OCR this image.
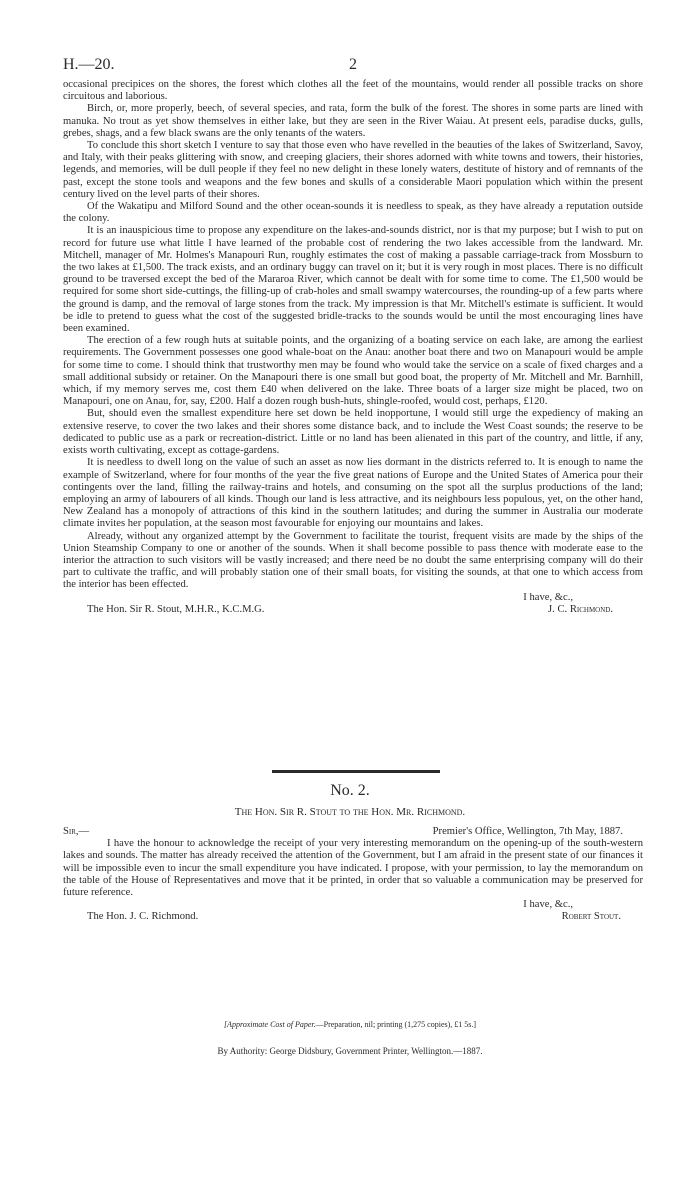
H.—20.	2

occasional precipices on the shores, the forest which clothes all the feet of the mountains, would render all possible tracks on shore circuitous and laborious.

Birch, or, more properly, beech, of several species, and rata, form the bulk of the forest. The shores in some parts are lined with manuka. No trout as yet show themselves in either lake, but they are seen in the River Waiau. At present eels, paradise ducks, gulls, grebes, shags, and a few black swans are the only tenants of the waters.

To conclude this short sketch I venture to say that those even who have revelled in the beauties of the lakes of Switzerland, Savoy, and Italy, with their peaks glittering with snow, and creeping glaciers, their shores adorned with white towns and towers, their histories, legends, and memories, will be dull people if they feel no new delight in these lonely waters, destitute of history and of remnants of the past, except the stone tools and weapons and the few bones and skulls of a considerable Maori population which within the present century lived on the level parts of their shores.

Of the Wakatipu and Milford Sound and the other ocean-sounds it is needless to speak, as they have already a reputation outside the colony.

It is an inauspicious time to propose any expenditure on the lakes-and-sounds district, nor is that my purpose; but I wish to put on record for future use what little I have learned of the probable cost of rendering the two lakes accessible from the landward. Mr. Mitchell, manager of Mr. Holmes's Manapouri Run, roughly estimates the cost of making a passable carriage-track from Mossburn to the two lakes at £1,500. The track exists, and an ordinary buggy can travel on it; but it is very rough in most places. There is no difficult ground to be traversed except the bed of the Mararoa River, which cannot be dealt with for some time to come. The £1,500 would be required for some short side-cuttings, the filling-up of crab-holes and small swampy watercourses, the rounding-up of a few parts where the ground is damp, and the removal of large stones from the track. My impression is that Mr. Mitchell's estimate is sufficient. It would be idle to pretend to guess what the cost of the suggested bridle-tracks to the sounds would be until the most encouraging lines have been examined.

The erection of a few rough huts at suitable points, and the organizing of a boating service on each lake, are among the earliest requirements. The Government possesses one good whale-boat on the Anau: another boat there and two on Manapouri would be ample for some time to come. I should think that trustworthy men may be found who would take the service on a scale of fixed charges and a small additional subsidy or retainer. On the Manapouri there is one small but good boat, the property of Mr. Mitchell and Mr. Barnhill, which, if my memory serves me, cost them £40 when delivered on the lake. Three boats of a larger size might be placed, two on Manapouri, one on Anau, for, say, £200. Half a dozen rough bush-huts, shingle-roofed, would cost, perhaps, £120.

But, should even the smallest expenditure here set down be held inopportune, I would still urge the expediency of making an extensive reserve, to cover the two lakes and their shores some distance back, and to include the West Coast sounds; the reserve to be dedicated to public use as a park or recreation-district. Little or no land has been alienated in this part of the country, and little, if any, exists worth cultivating, except as cottage-gardens.

It is needless to dwell long on the value of such an asset as now lies dormant in the districts referred to. It is enough to name the example of Switzerland, where for four months of the year the five great nations of Europe and the United States of America pour their contingents over the land, filling the railway-trains and hotels, and consuming on the spot all the surplus productions of the land; employing an army of labourers of all kinds. Though our land is less attractive, and its neighbours less populous, yet, on the other hand, New Zealand has a monopoly of attractions of this kind in the southern latitudes; and during the summer in Australia our moderate climate invites her population, at the season most favourable for enjoying our mountains and lakes.

Already, without any organized attempt by the Government to facilitate the tourist, frequent visits are made by the ships of the Union Steamship Company to one or another of the sounds. When it shall become possible to pass thence with moderate ease to the interior the attraction to such visitors will be vastly increased; and there need be no doubt the same enterprising company will do their part to cultivate the traffic, and will probably station one of their small boats, for visiting the sounds, at that one to which access from the interior has been effected.

I have, &c.,
The Hon. Sir R. Stout, M.H.R., K.C.M.G.	J. C. Richmond.
No. 2.
The Hon. Sir R. Stout to the Hon. Mr. Richmond.
Sir,—	Premier's Office, Wellington, 7th May, 1887.

I have the honour to acknowledge the receipt of your very interesting memorandum on the opening-up of the south-western lakes and sounds. The matter has already received the attention of the Government, but I am afraid in the present state of our finances it will be impossible even to incur the small expenditure you have indicated. I propose, with your permission, to lay the memorandum on the table of the House of Representatives and move that it be printed, in order that so valuable a communication may be preserved for future reference.

I have, &c.,
The Hon. J. C. Richmond.	Robert Stout.
[Approximate Cost of Paper.—Preparation, nil; printing (1,275 copies), £1 5s.]
By Authority: George Didsbury, Government Printer, Wellington.—1887.
